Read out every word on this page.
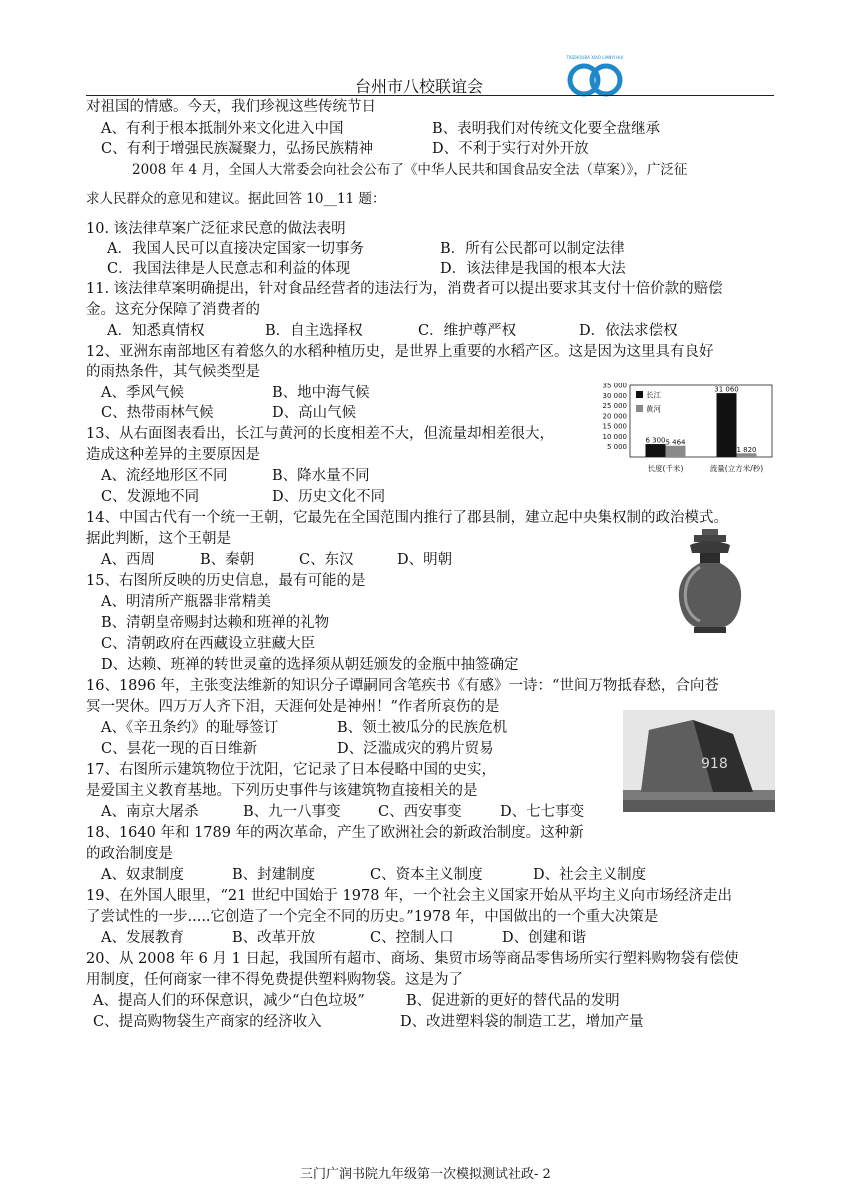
台州市八校联谊会
TAIZHOUBA XIAO LIANYI HUI
对祖国的情感。今天，我们珍视这些传统节日
A、有利于根本抵制外来文化进入中国	B、表明我们对传统文化要全盘继承
C、有利于增强民族凝聚力，弘扬民族精神	D、不利于实行对外开放
2008 年 4 月，全国人大常委会向社会公布了《中华人民共和国食品安全法（草案）》，广泛征
求人民群众的意见和建议。据此回答 10__11 题：
10. 该法律草案广泛征求民意的做法表明
A．我国人民可以直接决定国家一切事务	B．所有公民都可以制定法律
C．我国法律是人民意志和利益的体现	D．该法律是我国的根本大法
11. 该法律草案明确提出，针对食品经营者的违法行为，消费者可以提出要求其支付十倍价款的赔偿
金。这充分保障了消费者的
A．知悉真情权	B．自主选择权	C．维护尊严权	D．依法求偿权
12、亚洲东南部地区有着悠久的水稻种植历史，是世界上重要的水稻产区。这是因为这里具有良好
的雨热条件，其气候类型是
A、季风气候	B、地中海气候
C、热带雨林气候	D、高山气候
13、从右面图表看出，长江与黄河的长度相差不大，但流量却相差很大，
造成这种差异的主要原因是
A、流经地形区不同	B、降水量不同
C、发源地不同	D、历史文化不同
14、中国古代有一个统一王朝，它最先在全国范围内推行了郡县制，建立起中央集权制的政治模式。
据此判断，这个王朝是
A、西周	B、秦朝	C、东汉	D、明朝
15、右图所反映的历史信息，最有可能的是
A、明清所产瓶器非常精美
B、清朝皇帝赐封达赖和班禅的礼物
C、清朝政府在西藏设立驻藏大臣
D、达赖、班禅的转世灵童的选择须从朝廷颁发的金瓶中抽签确定
16、1896 年，主张变法维新的知识分子谭嗣同含笔疾书《有感》一诗：“世间万物抵春愁，合向苍
冥一哭休。四万万人齐下泪，天涯何处是神州！”作者所哀伤的是
A、《辛丑条约》的耻辱签订	B、领土被瓜分的民族危机
C、昙花一现的百日维新	D、泛滥成灾的鸦片贸易
17、右图所示建筑物位于沈阳，它记录了日本侵略中国的史实，
是爱国主义教育基地。下列历史事件与该建筑物直接相关的是
A、南京大屠杀	B、九一八事变	C、西安事变	D、七七事变
18、1640 年和 1789 年的两次革命，产生了欧洲社会的新政治制度。这种新
的政治制度是
A、奴隶制度	B、封建制度	C、资本主义制度	D、社会主义制度
19、在外国人眼里，“21 世纪中国始于 1978 年，一个社会主义国家开始从平均主义向市场经济走出
了尝试性的一步.....它创造了一个完全不同的历史。”1978 年，中国做出的一个重大决策是
A、发展教育	B、改革开放	C、控制人口	D、创建和谐
20、从 2008 年 6 月 1 日起，我国所有超市、商场、集贸市场等商品零售场所实行塑料购物袋有偿使
用制度，任何商家一律不得免费提供塑料购物袋。这是为了
A、提高人们的环保意识，减少“白色垃圾”	B、促进新的更好的替代品的发明
C、提高购物袋生产商家的经济收入	D、改进塑料袋的制造工艺，增加产量
35 000
30 000
25 000
20 000
15 000
10 000
5 000
6 300 5 464
31 060
1 820
长江
黄河
长度(千米)	流量(立方米/秒)
918
三门广润书院九年级第一次模拟测试社政- 2
